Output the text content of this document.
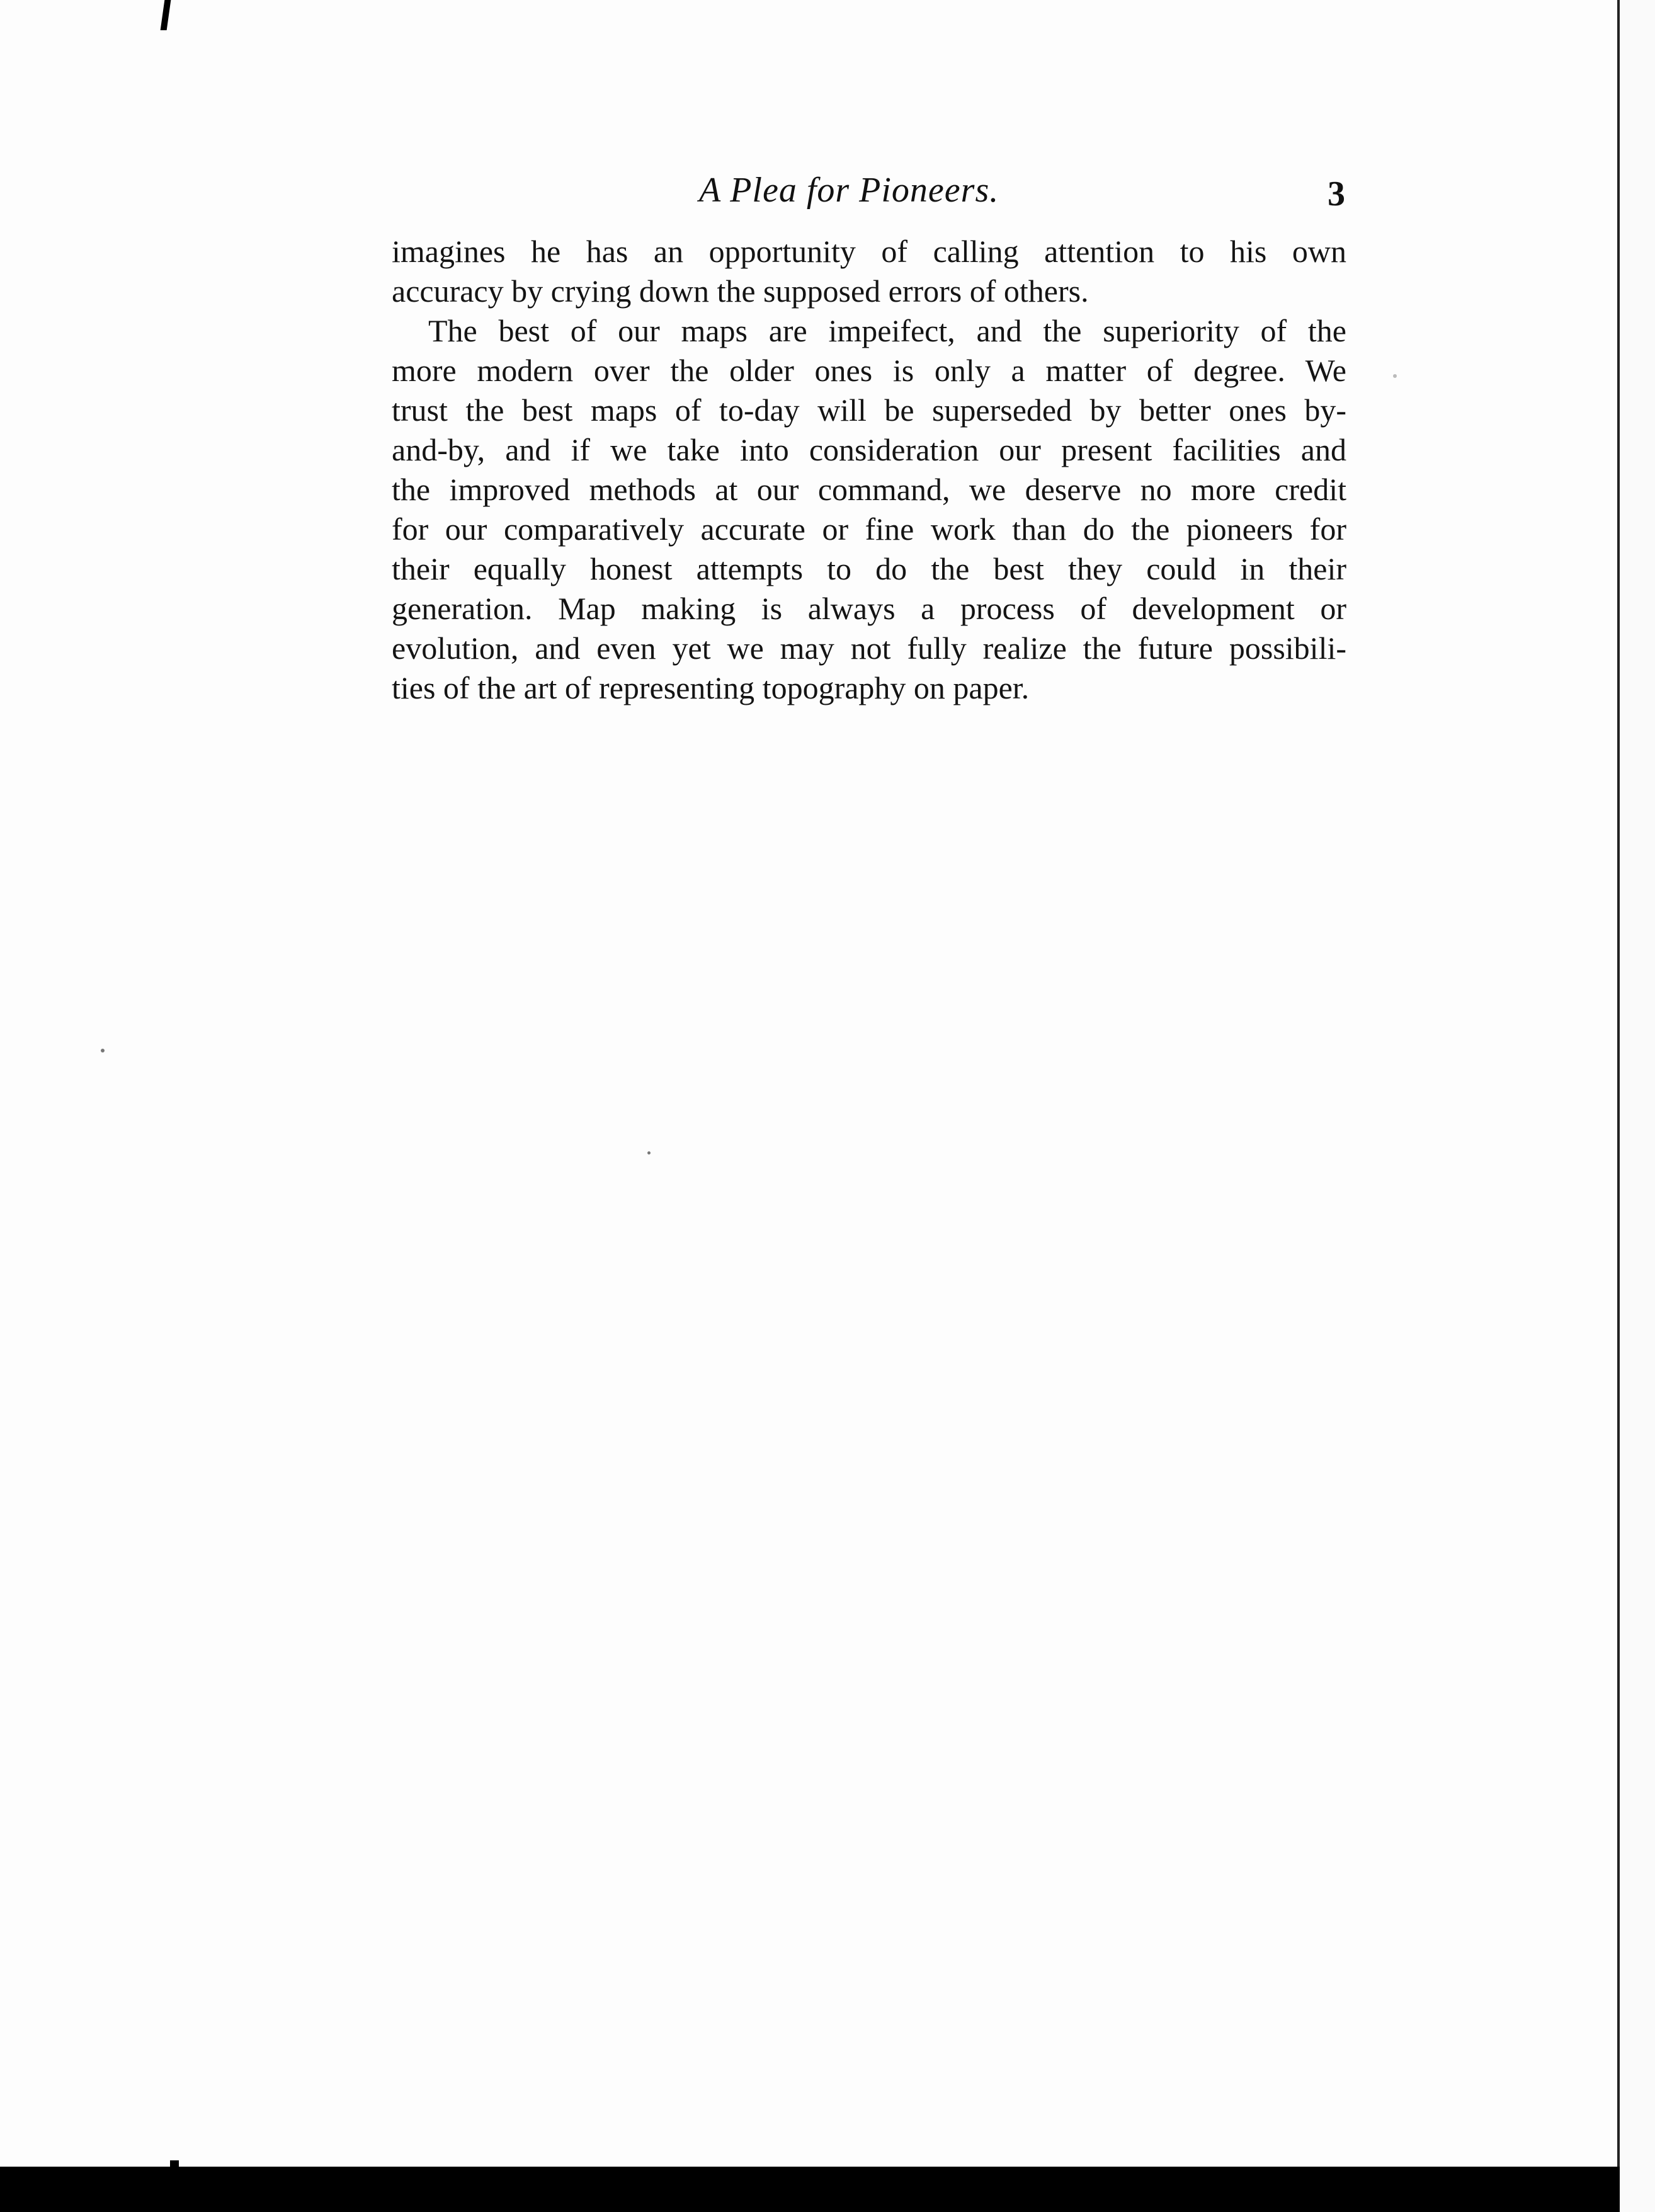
A Plea for Pioneers.	3
imagines he has an opportunity of calling attention to his own
accuracy by crying down the supposed errors of others.
The best of our maps are impeifect, and the superiority of the
more modern over the older ones is only a matter of degree. We
trust the best maps of to-day will be superseded by better ones by-
and-by, and if we take into consideration our present facilities and
the improved methods at our command, we deserve no more credit
for our comparatively accurate or fine work than do the pioneers for
their equally honest attempts to do the best they could in their
generation. Map making is always a process of development or
evolution, and even yet we may not fully realize the future possibili-
ties of the art of representing topography on paper.
